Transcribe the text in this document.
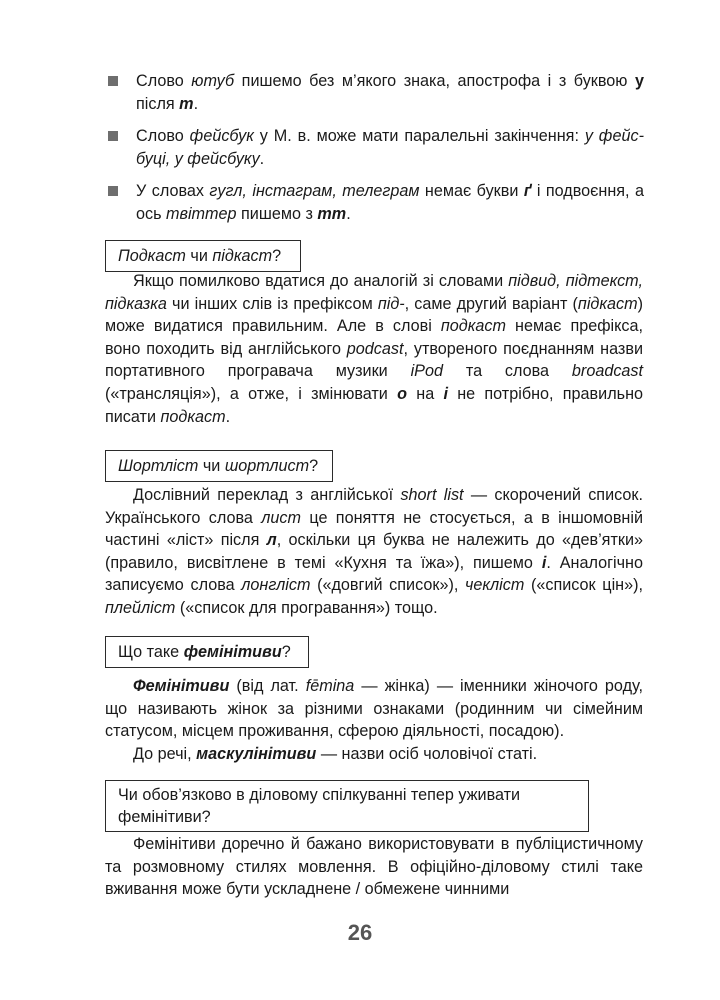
Слово ютуб пишемо без м’якого знака, апострофа і з буквою у після т.
Слово фейсбук у М. в. може мати паралельні закінчення: у фейсбуці, у фейсбуку.
У словах гугл, інстаграм, телеграм немає букви ґ і подвоєння, а ось твіттер пишемо з тт.
Подкаст чи підкаст?

Якщо помилково вдатися до аналогій зі словами підвид, підтекст, підказка чи інших слів із префіксом під-, саме другий варіант (підкаст) може видатися правильним. Але в слові подкаст немає префікса, воно походить від англійського podcast, утвореного поєднанням назви портативного програвача музики iPod та слова broadcast («трансляція»), а отже, і змінювати о на і не потрібно, правильно писати подкаст.

Шортліст чи шортлист?

Дослівний переклад з англійської short list — скорочений список. Українського слова лист це поняття не стосується, а в іншомовній частині «ліст» після л, оскільки ця буква не належить до «дев’ятки» (правило, висвітлене в темі «Кухня та їжа»), пишемо і. Аналогічно записуємо слова лонгліст («довгий список»), чекліст («список цін»), плейліст («список для програвання») тощо.

Що таке фемінітиви?

Фемінітиви (від лат. fēmina — жінка) — іменники жіночого роду, що називають жінок за різними ознаками (родинним чи сімейним статусом, місцем проживання, сферою діяльності, посадою).

До речі, маскулінітиви — назви осіб чоловічої статі.

Чи обов’язково в діловому спілкуванні тепер уживати фемінітиви?

Фемінітиви доречно й бажано використовувати в публіцистичному та розмовному стилях мовлення. В офіційно-діловому стилі таке вживання може бути ускладнене / обмежене чинними

26
